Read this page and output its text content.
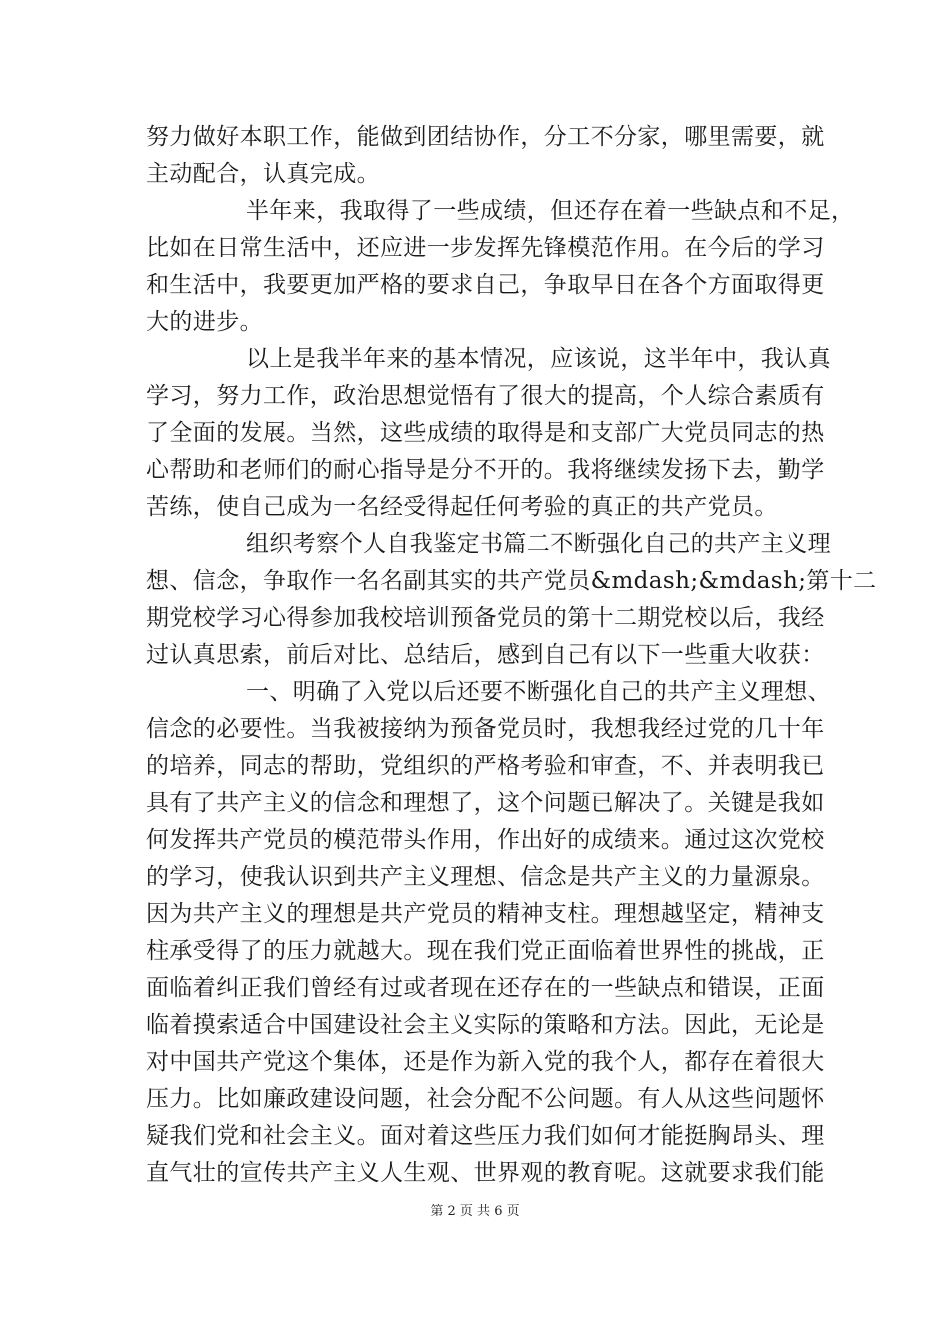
努力做好本职工作，能做到团结协作，分工不分家，哪里需要，就
主动配合，认真完成。
半年来，我取得了一些成绩，但还存在着一些缺点和不足，
比如在日常生活中，还应进一步发挥先锋模范作用。在今后的学习
和生活中，我要更加严格的要求自己，争取早日在各个方面取得更
大的进步。
以上是我半年来的基本情况，应该说，这半年中，我认真
学习，努力工作，政治思想觉悟有了很大的提高，个人综合素质有
了全面的发展。当然，这些成绩的取得是和支部广大党员同志的热
心帮助和老师们的耐心指导是分不开的。我将继续发扬下去，勤学
苦练，使自己成为一名经受得起任何考验的真正的共产党员。
组织考察个人自我鉴定书篇二不断强化自己的共产主义理
想、信念，争取作一名名副其实的共产党员&mdash;&mdash;第十二
期党校学习心得参加我校培训预备党员的第十二期党校以后，我经
过认真思索，前后对比、总结后，感到自己有以下一些重大收获：
一、明确了入党以后还要不断强化自己的共产主义理想、
信念的必要性。当我被接纳为预备党员时，我想我经过党的几十年
的培养，同志的帮助，党组织的严格考验和审查，不、并表明我已
具有了共产主义的信念和理想了，这个问题已解决了。关键是我如
何发挥共产党员的模范带头作用，作出好的成绩来。通过这次党校
的学习，使我认识到共产主义理想、信念是共产主义的力量源泉。
因为共产主义的理想是共产党员的精神支柱。理想越坚定，精神支
柱承受得了的压力就越大。现在我们党正面临着世界性的挑战，正
面临着纠正我们曾经有过或者现在还存在的一些缺点和错误，正面
临着摸索适合中国建设社会主义实际的策略和方法。因此，无论是
对中国共产党这个集体，还是作为新入党的我个人，都存在着很大
压力。比如廉政建设问题，社会分配不公问题。有人从这些问题怀
疑我们党和社会主义。面对着这些压力我们如何才能挺胸昂头、理
直气壮的宣传共产主义人生观、世界观的教育呢。这就要求我们能
第 2 页 共 6 页
